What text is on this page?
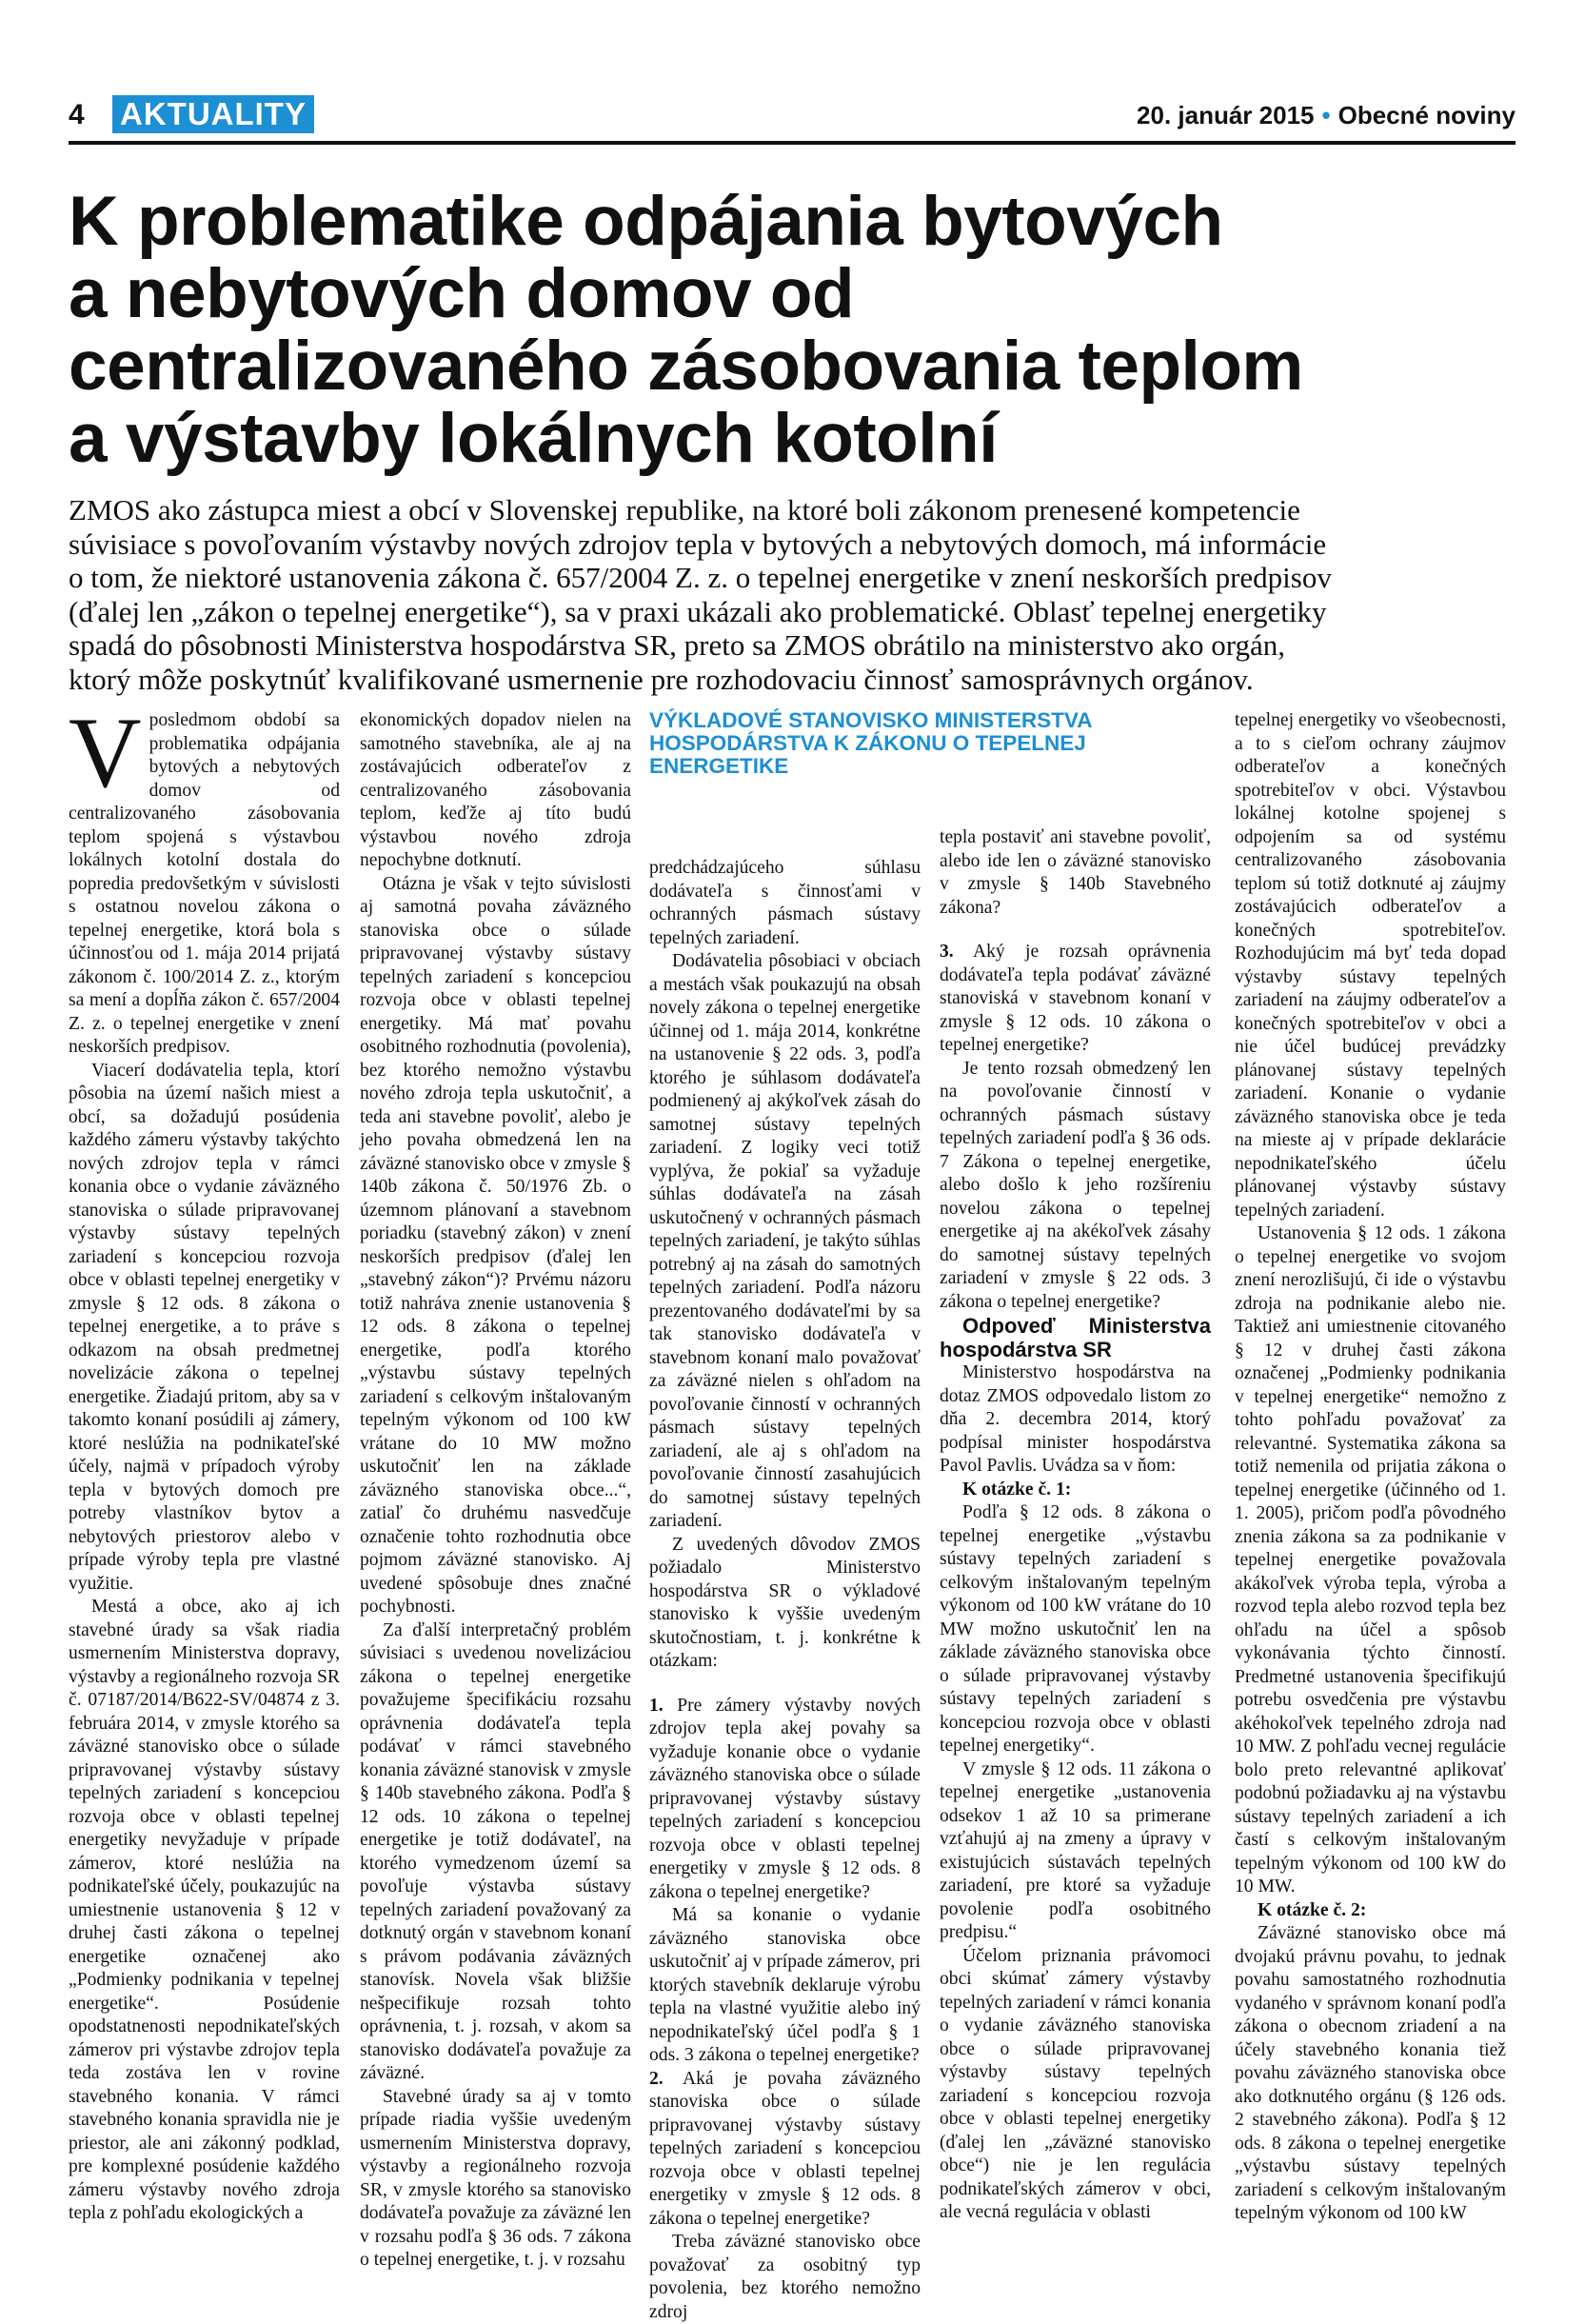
4 AKTUALITY	20. január 2015 • Obecné noviny
K problematike odpájania bytových
a nebytových domov od
centralizovaného zásobovania teplom
a výstavby lokálnych kotolní

ZMOS ako zástupca miest a obcí v Slovenskej republike, na ktoré boli zákonom prenesené kompetencie
súvisiace s povoľovaním výstavby nových zdrojov tepla v bytových a nebytových domoch, má informácie
o tom, že niektoré ustanovenia zákona č. 657/2004 Z. z. o tepelnej energetike v znení neskorších predpisov
(ďalej len „zákon o tepelnej energetike“), sa v praxi ukázali ako problematické. Oblasť tepelnej energetiky
spadá do pôsobnosti Ministerstva hospodárstva SR, preto sa ZMOS obrátilo na ministerstvo ako orgán,
ktorý môže poskytnúť kvalifikované usmernenie pre rozhodovaciu činnosť samosprávnych orgánov.

Vposledmom období sa problematika odpájania bytových a nebytových domov od centralizovaného zásobovania teplom spojená s výstavbou lokálnych kotolní dostala do popredia predovšetkým v súvislosti s ostatnou novelou zákona o tepelnej energetike, ktorá bola s účinnosťou od 1. mája 2014 prijatá zákonom č. 100/2014 Z. z., ktorým sa mení a dopĺňa zákon č. 657/2004 Z. z. o tepelnej energetike v znení neskorších predpisov.

Viacerí dodávatelia tepla, ktorí pôsobia na území našich miest a obcí, sa dožadujú posúdenia každého zámeru výstavby takýchto nových zdrojov tepla v rámci konania obce o vydanie záväzného stanoviska o súlade pripravovanej výstavby sústavy tepelných zariadení s koncepciou rozvoja obce v oblasti tepelnej energetiky v zmysle § 12 ods. 8 zákona o tepelnej energetike, a to práve s odkazom na obsah predmetnej novelizácie zákona o tepelnej energetike. Žiadajú pritom, aby sa v takomto konaní posúdili aj zámery, ktoré neslúžia na podnikateľské účely, najmä v prípadoch výroby tepla v bytových domoch pre potreby vlastníkov bytov a nebytových priestorov alebo v prípade výroby tepla pre vlastné využitie.

Mestá a obce, ako aj ich stavebné úrady sa však riadia usmernením Ministerstva dopravy, výstavby a regionálneho rozvoja SR č. 07187/2014/B622-SV/04874 z 3. februára 2014, v zmysle ktorého sa záväzné stanovisko obce o súlade pripravovanej výstavby sústavy tepelných zariadení s koncepciou rozvoja obce v oblasti tepelnej energetiky nevyžaduje v prípade zámerov, ktoré neslúžia na podnikateľské účely, poukazujúc na umiestnenie ustanovenia § 12 v druhej časti zákona o tepelnej energetike označenej ako „Podmienky podnikania v tepelnej energetike“. Posúdenie opodstatnenosti nepodnikateľských zámerov pri výstavbe zdrojov tepla teda zostáva len v rovine stavebného konania. V rámci stavebného konania spravidla nie je priestor, ale ani zákonný podklad, pre komplexné posúdenie každého zámeru výstavby nového zdroja tepla z pohľadu ekologických a

ekonomických dopadov nielen na samotného stavebníka, ale aj na zostávajúcich odberateľov z centralizovaného zásobovania teplom, keďže aj títo budú výstavbou nového zdroja nepochybne dotknutí.

Otázna je však v tejto súvislosti aj samotná povaha záväzného stanoviska obce o súlade pripravovanej výstavby sústavy tepelných zariadení s koncepciou rozvoja obce v oblasti tepelnej energetiky. Má mať povahu osobitného rozhodnutia (povolenia), bez ktorého nemožno výstavbu nového zdroja tepla uskutočniť, a teda ani stavebne povoliť, alebo je jeho povaha obmedzená len na záväzné stanovisko obce v zmysle § 140b zákona č. 50/1976 Zb. o územnom plánovaní a stavebnom poriadku (stavebný zákon) v znení neskorších predpisov (ďalej len „stavebný zákon“)? Prvému názoru totiž nahráva znenie ustanovenia § 12 ods. 8 zákona o tepelnej energetike, podľa ktorého „výstavbu sústavy tepelných zariadení s celkovým inštalovaným tepelným výkonom od 100 kW vrátane do 10 MW možno uskutočniť len na základe záväzného stanoviska obce...“, zatiaľ čo druhému nasvedčuje označenie tohto rozhodnutia obce pojmom záväzné stanovisko. Aj uvedené spôsobuje dnes značné pochybnosti.

Za ďalší interpretačný problém súvisiaci s uvedenou novelizáciou zákona o tepelnej energetike považujeme špecifikáciu rozsahu oprávnenia dodávateľa tepla podávať v rámci stavebného konania záväzné stanovisk v zmysle § 140b stavebného zákona. Podľa § 12 ods. 10 zákona o tepelnej energetike je totiž dodávateľ, na ktorého vymedzenom území sa povoľuje výstavba sústavy tepelných zariadení považovaný za dotknutý orgán v stavebnom konaní s právom podávania záväzných stanovísk. Novela však bližšie nešpecifikuje rozsah tohto oprávnenia, t. j. rozsah, v akom sa stanovisko dodávateľa považuje za záväzné.

Stavebné úrady sa aj v tomto prípade riadia vyššie uvedeným usmernením Ministerstva dopravy, výstavby a regionálneho rozvoja SR, v zmysle ktorého sa stanovisko dodávateľa považuje za záväzné len v rozsahu podľa § 36 ods. 7 zákona o tepelnej energetike, t. j. v rozsahu

VÝKLADOVÉ STANOVISKO MINISTERSTVA
HOSPODÁRSTVA K ZÁKONU O TEPELNEJ
ENERGETIKE

predchádzajúceho súhlasu dodávateľa s činnosťami v ochranných pásmach sústavy tepelných zariadení.

Dodávatelia pôsobiaci v obciach a mestách však poukazujú na obsah novely zákona o tepelnej energetike účinnej od 1. mája 2014, konkrétne na ustanovenie § 22 ods. 3, podľa ktorého je súhlasom dodávateľa podmienený aj akýkoľvek zásah do samotnej sústavy tepelných zariadení. Z logiky veci totiž vyplýva, že pokiaľ sa vyžaduje súhlas dodávateľa na zásah uskutočnený v ochranných pásmach tepelných zariadení, je takýto súhlas potrebný aj na zásah do samotných tepelných zariadení. Podľa názoru prezentovaného dodávateľmi by sa tak stanovisko dodávateľa v stavebnom konaní malo považovať za záväzné nielen s ohľadom na povoľovanie činností v ochranných pásmach sústavy tepelných zariadení, ale aj s ohľadom na povoľovanie činností zasahujúcich do samotnej sústavy tepelných zariadení.

Z uvedených dôvodov ZMOS požiadalo Ministerstvo hospodárstva SR o výkladové stanovisko k vyššie uvedeným skutočnostiam, t. j. konkrétne k otázkam:

1. Pre zámery výstavby nových zdrojov tepla akej povahy sa vyžaduje konanie obce o vydanie záväzného stanoviska obce o súlade pripravovanej výstavby sústavy tepelných zariadení s koncepciou rozvoja obce v oblasti tepelnej energetiky v zmysle § 12 ods. 8 zákona o tepelnej energetike?

Má sa konanie o vydanie záväzného stanoviska obce uskutočniť aj v prípade zámerov, pri ktorých stavebník deklaruje výrobu tepla na vlastné využitie alebo iný nepodnikateľský účel podľa § 1 ods. 3 zákona o tepelnej energetike?

2. Aká je povaha záväzného stanoviska obce o súlade pripravovanej výstavby sústavy tepelných zariadení s koncepciou rozvoja obce v oblasti tepelnej energetiky v zmysle § 12 ods. 8 zákona o tepelnej energetike?

Treba záväzné stanovisko obce považovať za osobitný typ povolenia, bez ktorého nemožno zdroj

tepla postaviť ani stavebne povoliť, alebo ide len o záväzné stanovisko v zmysle § 140b Stavebného zákona?

3. Aký je rozsah oprávnenia dodávateľa tepla podávať záväzné stanoviská v stavebnom konaní v zmysle § 12 ods. 10 zákona o tepelnej energetike?

Je tento rozsah obmedzený len na povoľovanie činností v ochranných pásmach sústavy tepelných zariadení podľa § 36 ods. 7 Zákona o tepelnej energetike, alebo došlo k jeho rozšíreniu novelou zákona o tepelnej energetike aj na akékoľvek zásahy do samotnej sústavy tepelných zariadení v zmysle § 22 ods. 3 zákona o tepelnej energetike?

Odpoveď Ministerstva hospodárstva SR

Ministerstvo hospodárstva na dotaz ZMOS odpovedalo listom zo dňa 2. decembra 2014, ktorý podpísal minister hospodárstva Pavol Pavlis. Uvádza sa v ňom:

K otázke č. 1:

Podľa § 12 ods. 8 zákona o tepelnej energetike „výstavbu sústavy tepelných zariadení s celkovým inštalovaným tepelným výkonom od 100 kW vrátane do 10 MW možno uskutočniť len na základe záväzného stanoviska obce o súlade pripravovanej výstavby sústavy tepelných zariadení s koncepciou rozvoja obce v oblasti tepelnej energetiky“.

V zmysle § 12 ods. 11 zákona o tepelnej energetike „ustanovenia odsekov 1 až 10 sa primerane vzťahujú aj na zmeny a úpravy v existujúcich sústavách tepelných zariadení, pre ktoré sa vyžaduje povolenie podľa osobitného predpisu.“

Účelom priznania právomoci obci skúmať zámery výstavby tepelných zariadení v rámci konania o vydanie záväzného stanoviska obce o súlade pripravovanej výstavby sústavy tepelných zariadení s koncepciou rozvoja obce v oblasti tepelnej energetiky (ďalej len „záväzné stanovisko obce“) nie je len regulácia podnikateľských zámerov v obci, ale vecná regulácia v oblasti

tepelnej energetiky vo všeobecnosti, a to s cieľom ochrany záujmov odberateľov a konečných spotrebiteľov v obci. Výstavbou lokálnej kotolne spojenej s odpojením sa od systému centralizovaného zásobovania teplom sú totiž dotknuté aj záujmy zostávajúcich odberateľov a konečných spotrebiteľov. Rozhodujúcim má byť teda dopad výstavby sústavy tepelných zariadení na záujmy odberateľov a konečných spotrebiteľov v obci a nie účel budúcej prevádzky plánovanej sústavy tepelných zariadení. Konanie o vydanie záväzného stanoviska obce je teda na mieste aj v prípade deklarácie nepodnikateľského účelu plánovanej výstavby sústavy tepelných zariadení.

Ustanovenia § 12 ods. 1 zákona o tepelnej energetike vo svojom znení nerozlišujú, či ide o výstavbu zdroja na podnikanie alebo nie. Taktiež ani umiestnenie citovaného § 12 v druhej časti zákona označenej „Podmienky podnikania v tepelnej energetike“ nemožno z tohto pohľadu považovať za relevantné. Systematika zákona sa totiž nemenila od prijatia zákona o tepelnej energetike (účinného od 1. 1. 2005), pričom podľa pôvodného znenia zákona sa za podnikanie v tepelnej energetike považovala akákoľvek výroba tepla, výroba a rozvod tepla alebo rozvod tepla bez ohľadu na účel a spôsob vykonávania týchto činností. Predmetné ustanovenia špecifikujú potrebu osvedčenia pre výstavbu akéhokoľvek tepelného zdroja nad 10 MW. Z pohľadu vecnej regulácie bolo preto relevantné aplikovať podobnú požiadavku aj na výstavbu sústavy tepelných zariadení a ich častí s celkovým inštalovaným tepelným výkonom od 100 kW do 10 MW.

K otázke č. 2:

Záväzné stanovisko obce má dvojakú právnu povahu, to jednak povahu samostatného rozhodnutia vydaného v správnom konaní podľa zákona o obecnom zriadení a na účely stavebného konania tiež povahu záväzného stanoviska obce ako dotknutého orgánu (§ 126 ods. 2 stavebného zákona). Podľa § 12 ods. 8 zákona o tepelnej energetike „výstavbu sústavy tepelných zariadení s celkovým inštalovaným tepelným výkonom od 100 kW
